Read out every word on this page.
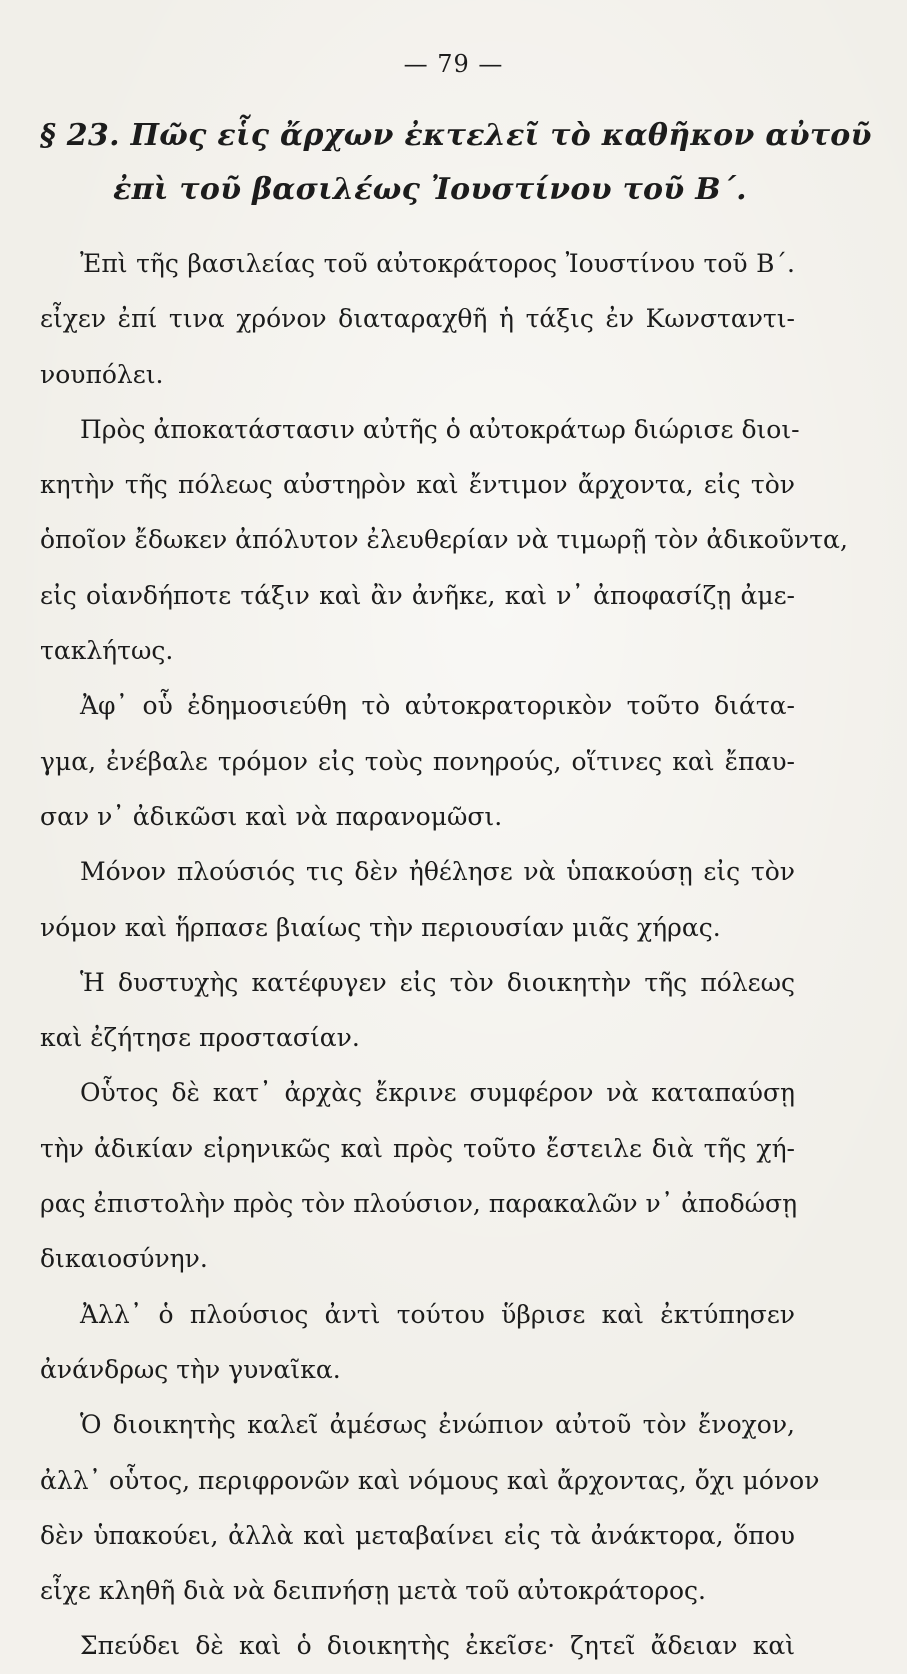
— 79 —
§ 23. Πῶς εἷς ἄρχων ἐκτελεῖ τὸ καθῆκον αὐτοῦ
ἐπὶ τοῦ βασιλέως Ἰουστίνου τοῦ Β΄.
Ἐπὶ τῆς βασιλείας τοῦ αὐτοκράτορος Ἰουστίνου τοῦ Β΄.
εἶχεν ἐπί τινα χρόνον διαταραχθῆ ἡ τάξις ἐν Κωνσταντι-
νουπόλει.
Πρὸς ἀποκατάστασιν αὐτῆς ὁ αὐτοκράτωρ διώρισε διοι-
κητὴν τῆς πόλεως αὐστηρὸν καὶ ἔντιμον ἄρχοντα, εἰς τὸν
ὁποῖον ἔδωκεν ἀπόλυτον ἐλευθερίαν νὰ τιμωρῇ τὸν ἀδικοῦντα,
εἰς οἱανδήποτε τάξιν καὶ ἂν ἀνῆκε, καὶ ν᾿ ἀποφασίζῃ ἀμε-
τακλήτως.
Ἀφ᾿ οὗ ἐδημοσιεύθη τὸ αὐτοκρατορικὸν τοῦτο διάτα-
γμα, ἐνέβαλε τρόμον εἰς τοὺς πονηρούς, οἵτινες καὶ ἔπαυ-
σαν ν᾿ ἀδικῶσι καὶ νὰ παρανομῶσι.
Μόνον πλούσιός τις δὲν ἠθέλησε νὰ ὑπακούσῃ εἰς τὸν
νόμον καὶ ἥρπασε βιαίως τὴν περιουσίαν μιᾶς χήρας.
Ἡ δυστυχὴς κατέφυγεν εἰς τὸν διοικητὴν τῆς πόλεως
καὶ ἐζήτησε προστασίαν.
Οὗτος δὲ κατ᾿ ἀρχὰς ἔκρινε συμφέρον νὰ καταπαύσῃ
τὴν ἀδικίαν εἰρηνικῶς καὶ πρὸς τοῦτο ἔστειλε διὰ τῆς χή-
ρας ἐπιστολὴν πρὸς τὸν πλούσιον, παρακαλῶν ν᾿ ἀποδώσῃ
δικαιοσύνην.
Ἀλλ᾿ ὁ πλούσιος ἀντὶ τούτου ὕβρισε καὶ ἐκτύπησεν
ἀνάνδρως τὴν γυναῖκα.
Ὁ διοικητὴς καλεῖ ἀμέσως ἐνώπιον αὐτοῦ τὸν ἔνοχον,
ἀλλ᾿ οὗτος, περιφρονῶν καὶ νόμους καὶ ἄρχοντας, ὄχι μόνον
δὲν ὑπακούει, ἀλλὰ καὶ μεταβαίνει εἰς τὰ ἀνάκτορα, ὅπου
εἶχε κληθῆ διὰ νὰ δειπνήσῃ μετὰ τοῦ αὐτοκράτορος.
Σπεύδει δὲ καὶ ὁ διοικητὴς ἐκεῖσε· ζητεῖ ἄδειαν καὶ
